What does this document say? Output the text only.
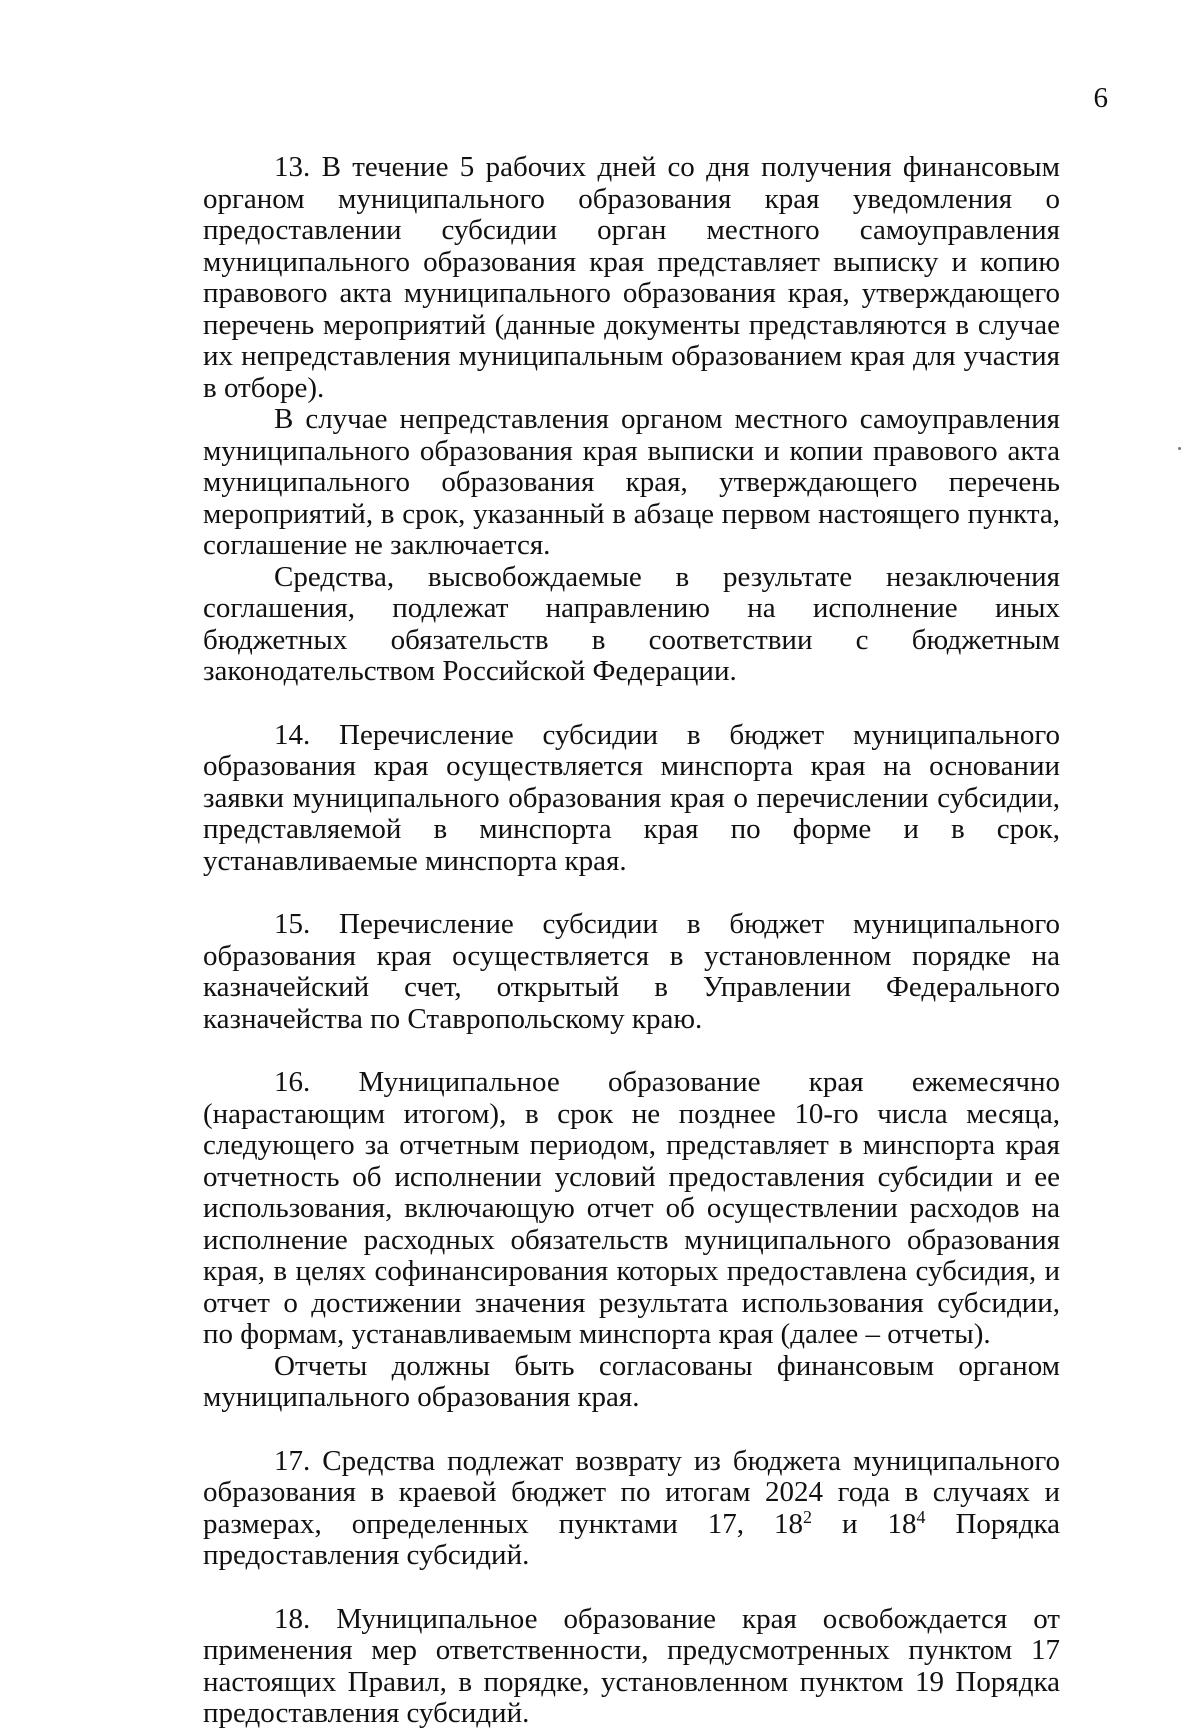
6

13. В течение 5 рабочих дней со дня получения финансовым органом муниципального образования края уведомления о предоставлении субсидии орган местного самоуправления муниципального образования края представляет выписку и копию правового акта муниципального образования края, утверждающего перечень мероприятий (данные документы представляются в случае их непредставления муниципальным образованием края для участия в отборе).

В случае непредставления органом местного самоуправления муниципального образования края выписки и копии правового акта муниципального образования края, утверждающего перечень мероприятий, в срок, указанный в абзаце первом настоящего пункта, соглашение не заключается.

Средства, высвобождаемые в результате незаключения соглашения, подлежат направлению на исполнение иных бюджетных обязательств в соответствии с бюджетным законодательством Российской Федерации.

14. Перечисление субсидии в бюджет муниципального образования края осуществляется минспорта края на основании заявки муниципального образования края о перечислении субсидии, представляемой в минспорта края по форме и в срок, устанавливаемые минспорта края.

15. Перечисление субсидии в бюджет муниципального образования края осуществляется в установленном порядке на казначейский счет, открытый в Управлении Федерального казначейства по Ставропольскому краю.

16. Муниципальное образование края ежемесячно (нарастающим итогом), в срок не позднее 10-го числа месяца, следующего за отчетным периодом, представляет в минспорта края отчетность об исполнении условий предоставления субсидии и ее использования, включающую отчет об осуществлении расходов на исполнение расходных обязательств муниципального образования края, в целях софинансирования которых предоставлена субсидия, и отчет о достижении значения результата использования субсидии, по формам, устанавливаемым минспорта края (далее – отчеты).

Отчеты должны быть согласованы финансовым органом муниципального образования края.

17. Средства подлежат возврату из бюджета муниципального образования в краевой бюджет по итогам 2024 года в случаях и размерах, определенных пунктами 17, $18^2$ и $18^4$ Порядка предоставления субсидий.

18. Муниципальное образование края освобождается от применения мер ответственности, предусмотренных пунктом 17 настоящих Правил, в порядке, установленном пунктом 19 Порядка предоставления субсидий.
